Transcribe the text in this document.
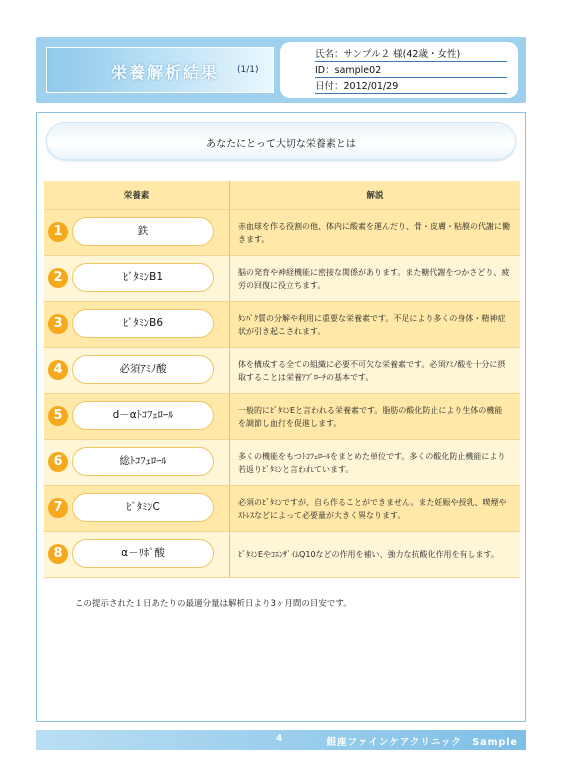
栄養解析結果 (1/1)
氏名：サンプル２ 様(42歳・女性)
ID：sample02
日付：2012/01/29
あなたにとって大切な栄養素とは
栄養素	解説

1 鉄	赤血球を作る役割の他、体内に酸素を運んだり、骨・皮膚・粘膜の代謝に働きます。

2 ﾋﾞﾀﾐﾝB1	脳の発育や神経機能に密接な関係があります。また糖代謝をつかさどり、疲労の回復に役立ちます。

3 ﾋﾞﾀﾐﾝB6	ﾀﾝﾊﾟｸ質の分解や利用に重要な栄養素です。不足により多くの身体・精神症状が引き起こされます。

4 必須ｱﾐﾉ酸	体を構成する全ての組織に必要不可欠な栄養素です。必須ｱﾐﾉ酸を十分に摂取することは栄養ｱﾌﾟﾛｰﾁの基本です。

5 d－αﾄｺﾌｪﾛｰﾙ	一般的にﾋﾞﾀﾐﾝEと言われる栄養素です。脂肪の酸化防止により生体の機能を調節し血行を促進します。

6 総ﾄｺﾌｪﾛｰﾙ	多くの機能をもつﾄｺﾌｪﾛｰﾙをまとめた単位です。多くの酸化防止機能により若返りﾋﾞﾀﾐﾝと言われています。

7 ﾋﾞﾀﾐﾝC	必須のﾋﾞﾀﾐﾝですが、自ら作ることができません。また妊娠や授乳、喫煙やｽﾄﾚｽなどによって必要量が大きく異なります。

8 α－ﾘﾎﾟ酸	ﾋﾞﾀﾐﾝEやｺｴﾝｻﾞｲﾑQ10などの作用を補い、強力な抗酸化作用を有します。
この提示された１日あたりの最適分量は解析日より3ヶ月間の目安です。
4	銀座ファインケアクリニック　Sample
